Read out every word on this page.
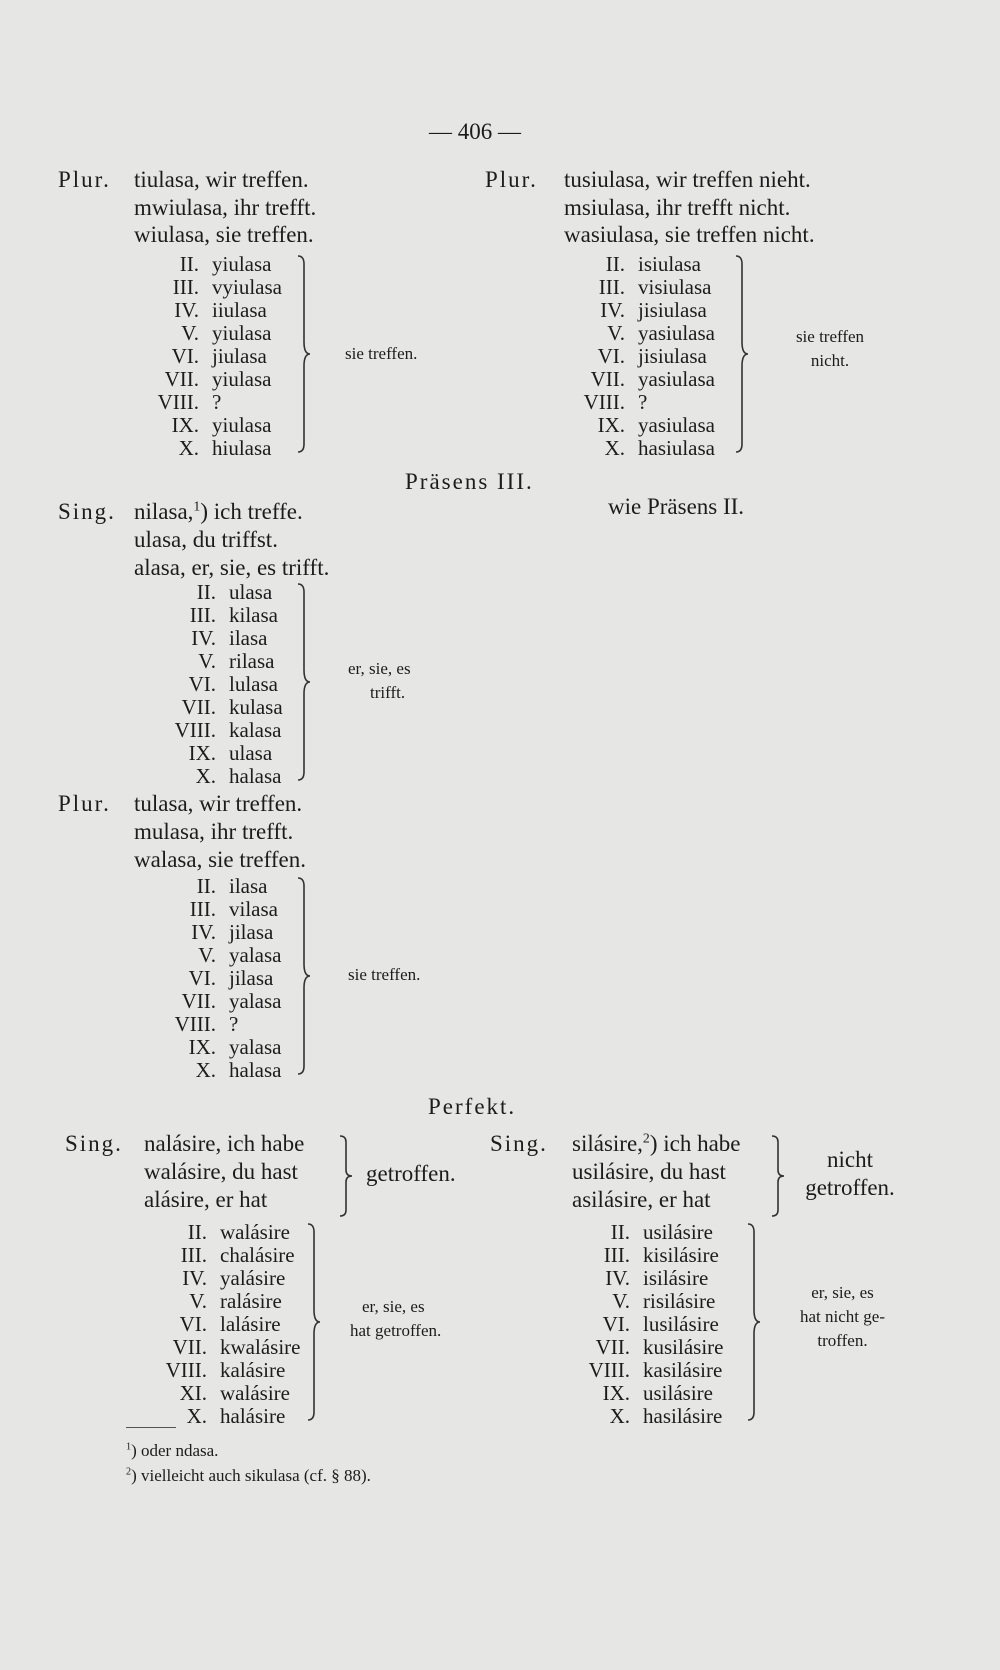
— 406 —
Plur. tiulasa, wir treffen.
mwiulasa, ihr trefft.
wiulasa, sie treffen.
II. yiulasa
III. vyiulasa
IV. iiulasa
V. yiulasa
VI. jiulasa
VII. yiulasa
VIII. ?
IX. yiulasa
X. hiulasa
sie treffen.
Plur. tusiulasa, wir treffen nieht.
msiulasa, ihr trefft nicht.
wasiulasa, sie treffen nicht.
II. isiulasa
III. visiulasa
IV. jisiulasa
V. yasiulasa
VI. jisiulasa
VII. yasiulasa
VIII. ?
IX. yasiulasa
X. hasiulasa
sie treffen
nicht.
Präsens III.
Sing. nilasa,$^1$) ich treffe.
ulasa, du triffst.
alasa, er, sie, es trifft.
wie Präsens II.
II. ulasa
III. kilasa
IV. ilasa
V. rilasa
VI. lulasa
VII. kulasa
VIII. kalasa
IX. ulasa
X. halasa
er, sie, es
trifft.
Plur. tulasa, wir treffen.
mulasa, ihr trefft.
walasa, sie treffen.
II. ilasa
III. vilasa
IV. jilasa
V. yalasa
VI. jilasa
VII. yalasa
VIII. ?
IX. yalasa
X. halasa
sie treffen.
Perfekt.
Sing. nalásire, ich habe
walásire, du hast
alásire, er hat
getroffen.
II. walásire
III. chalásire
IV. yalásire
V. ralásire
VI. lalásire
VII. kwalásire
VIII. kalásire
XI. walásire
X. halásire
er, sie, es
hat getroffen.
Sing. silásire,$^2$) ich habe
usilásire, du hast
asilásire, er hat
nicht
getroffen.
II. usilásire
III. kisilásire
IV. isilásire
V. risilásire
VI. lusilásire
VII. kusilásire
VIII. kasilásire
IX. usilásire
X. hasilásire
er, sie, es
hat nicht ge-
troffen.
$^1$) oder ndasa.
$^2$) vielleicht auch sikulasa (cf. § 88).
